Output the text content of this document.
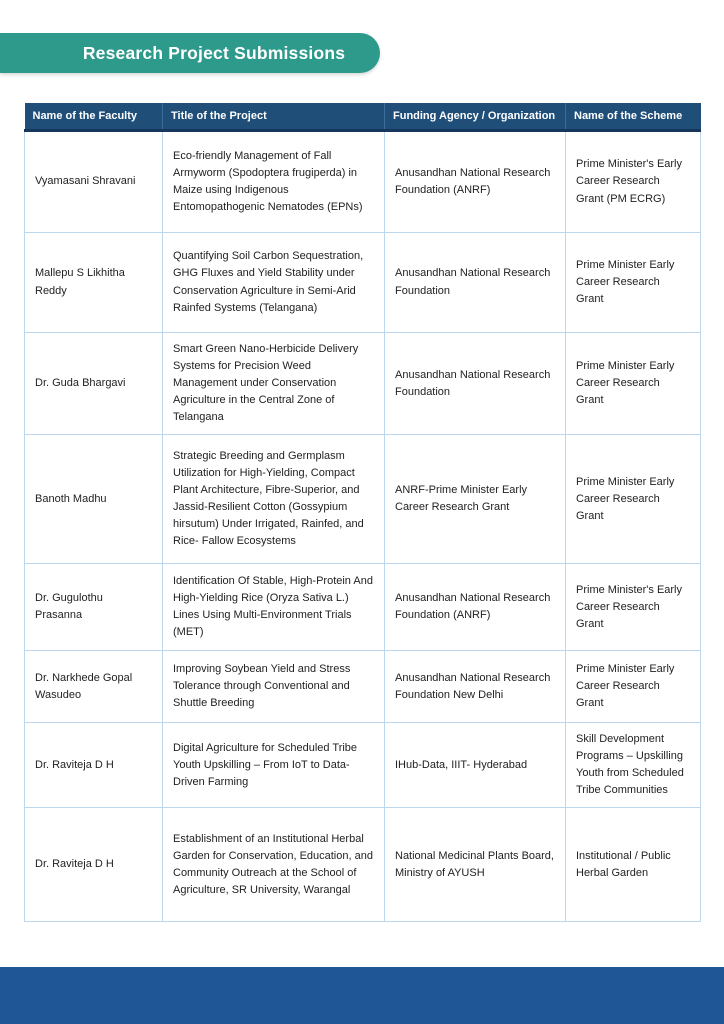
Research Project Submissions
Name of the Faculty	Title of the Project	Funding Agency / Organization	Name of the Scheme
Vyamasani Shravani	Eco-friendly Management of Fall Armyworm (Spodoptera frugiperda) in Maize using Indigenous Entomopathogenic Nematodes (EPNs)	Anusandhan National Research Foundation (ANRF)	Prime Minister's Early Career Research Grant (PM ECRG)
Mallepu S Likhitha Reddy	Quantifying Soil Carbon Sequestration, GHG Fluxes and Yield Stability under Conservation Agriculture in Semi-Arid Rainfed Systems (Telangana)	Anusandhan National Research Foundation	Prime Minister Early Career Research Grant
Dr. Guda Bhargavi	Smart Green Nano-Herbicide Delivery Systems for Precision Weed Management under Conservation Agriculture in the Central Zone of Telangana	Anusandhan National Research Foundation	Prime Minister Early Career Research Grant
Banoth Madhu	Strategic Breeding and Germplasm Utilization for High-Yielding, Compact Plant Architecture, Fibre-Superior, and Jassid-Resilient Cotton (Gossypium hirsutum) Under Irrigated, Rainfed, and Rice- Fallow Ecosystems	ANRF-Prime Minister Early Career Research Grant	Prime Minister Early Career Research Grant
Dr. Gugulothu Prasanna	Identification Of Stable, High-Protein And High-Yielding Rice (Oryza Sativa L.) Lines Using Multi-Environment Trials (MET)	Anusandhan National Research Foundation (ANRF)	Prime Minister's Early Career Research Grant
Dr. Narkhede Gopal Wasudeo	Improving Soybean Yield and Stress Tolerance through Conventional and Shuttle Breeding	Anusandhan National Research Foundation New Delhi	Prime Minister Early Career Research Grant
Dr. Raviteja D H	Digital Agriculture for Scheduled Tribe Youth Upskilling – From IoT to Data-Driven Farming	IHub-Data, IIIT- Hyderabad	Skill Development Programs – Upskilling Youth from Scheduled Tribe Communities
Dr. Raviteja D H	Establishment of an Institutional Herbal Garden for Conservation, Education, and Community Outreach at the School of Agriculture, SR University, Warangal	National Medicinal Plants Board, Ministry of AYUSH	Institutional / Public Herbal Garden
